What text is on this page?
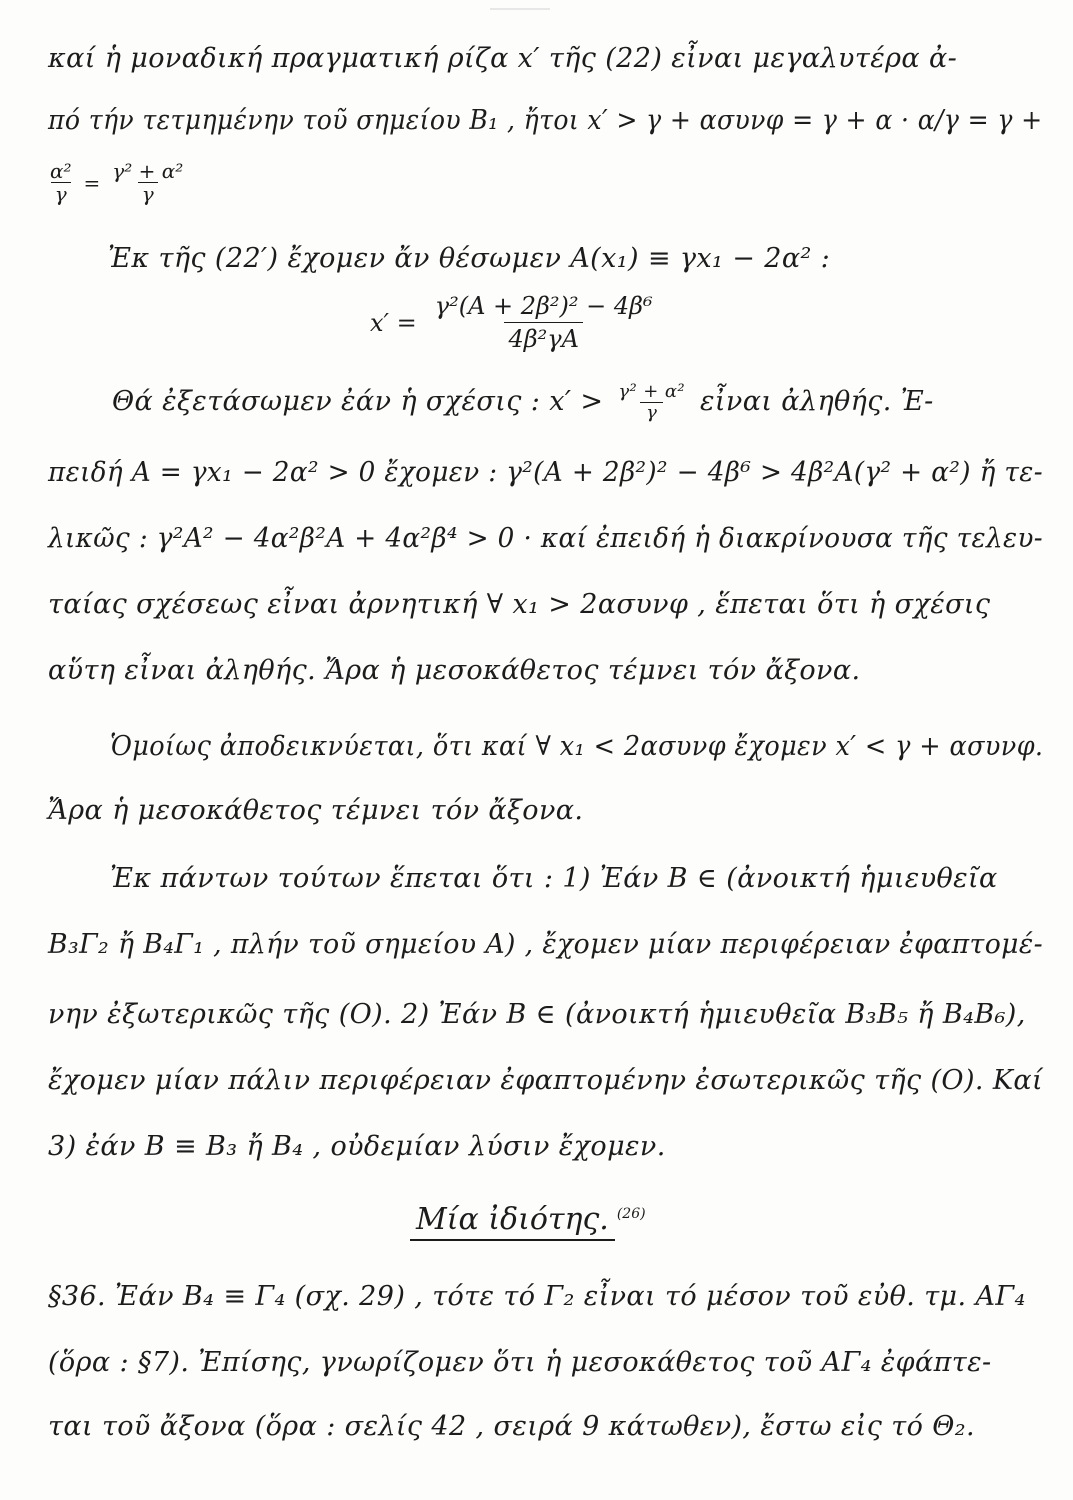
καί ἡ μοναδική πραγματική ρίζα x′ τῆς (22) εἶναι μεγαλυτέρα ἀ-
πό τήν τετμημένην τοῦ σημείου B₁ , ἤτοι x′ > γ + ασυνφ = γ + α · α/γ = γ +
$\frac{\text{α²}}{\gamma} = \frac{\text{γ² + α²}}{\gamma}$
Ἐκ τῆς (22′) ἔχομεν ἄν θέσωμεν A(x₁) ≡ γx₁ − 2α² :
$x' = \frac{\text{γ²(A + 2β²)² − 4β⁶}}{\text{4β²γA}}$
Θά ἐξετάσωμεν ἐάν ἡ σχέσις : $x' > \frac{\text{γ² + α²}}{\gamma}$ εἶναι ἀληθής. Ἐ-
πειδή A = γx₁ − 2α² > 0 ἔχομεν : γ²(A + 2β²)² − 4β⁶ > 4β²A(γ² + α²) ἤ τε-
λικῶς : γ²A² − 4α²β²A + 4α²β⁴ > 0 · καί ἐπειδή ἡ διακρίνουσα τῆς τελευ-
ταίας σχέσεως εἶναι ἀρνητική ∀ x₁ > 2ασυνφ , ἕπεται ὅτι ἡ σχέσις
αὕτη εἶναι ἀληθής. Ἄρα ἡ μεσοκάθετος τέμνει τόν ἄξονα.
Ὁμοίως ἀποδεικνύεται, ὅτι καί ∀ x₁ < 2ασυνφ ἔχομεν x′ < γ + ασυνφ.
Ἄρα ἡ μεσοκάθετος τέμνει τόν ἄξονα.
Ἐκ πάντων τούτων ἕπεται ὅτι : 1) Ἐάν B ∈ (ἀνοικτή ἡμιευθεῖα
B₃Γ₂ ἤ B₄Γ₁ , πλήν τοῦ σημείου A) , ἔχομεν μίαν περιφέρειαν ἐφαπτομέ-
νην ἐξωτερικῶς τῆς (O). 2) Ἐάν B ∈ (ἀνοικτή ἡμιευθεῖα B₃B₅ ἤ B₄B₆),
ἔχομεν μίαν πάλιν περιφέρειαν ἐφαπτομένην ἐσωτερικῶς τῆς (O). Καί
3) ἐάν B ≡ B₃ ἤ B₄ , οὐδεμίαν λύσιν ἔχομεν.
Μία ἰδιότης. $^{(26)}$
§36. Ἐάν B₄ ≡ Γ₄ (σχ. 29) , τότε τό Γ₂ εἶναι τό μέσον τοῦ εὐθ. τμ. AΓ₄
(ὅρα : §7). Ἐπίσης, γνωρίζομεν ὅτι ἡ μεσοκάθετος τοῦ AΓ₄ ἐφάπτε-
ται τοῦ ἄξονα (ὅρα : σελίς 42 , σειρά 9 κάτωθεν), ἔστω εἰς τό Θ₂.
